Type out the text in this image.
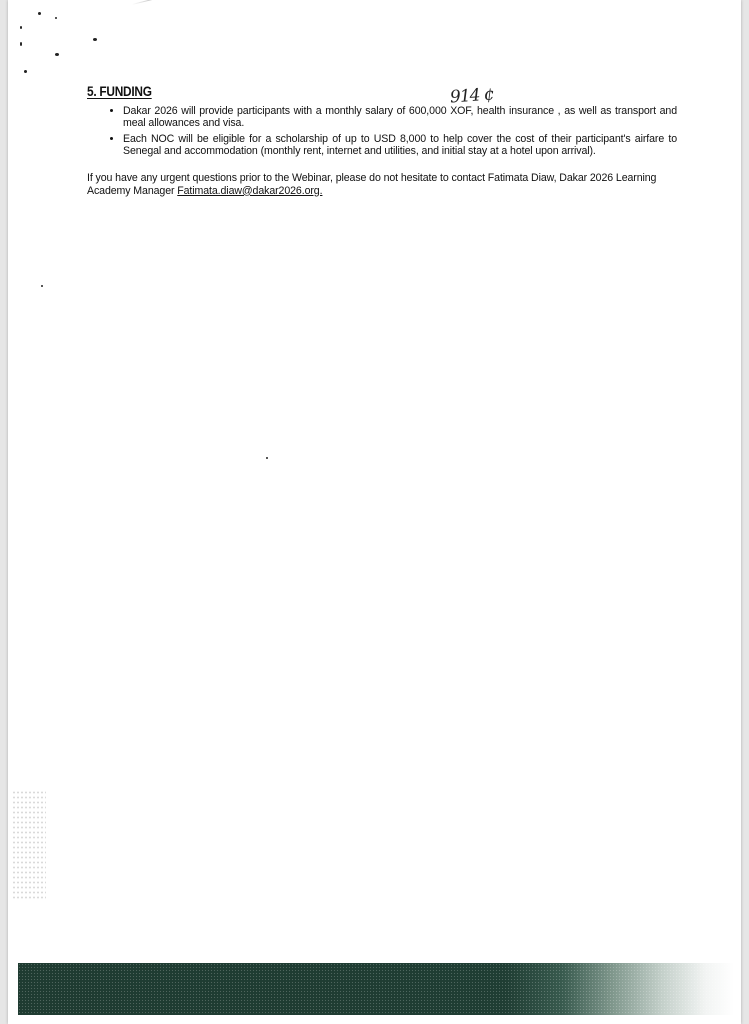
914 ¢
5. FUNDING
• Dakar 2026 will provide participants with a monthly salary of 600,000 XOF, health insurance , as well as transport and meal allowances and visa.
• Each NOC will be eligible for a scholarship of up to USD 8,000 to help cover the cost of their participant's airfare to Senegal and accommodation (monthly rent, internet and utilities, and initial stay at a hotel upon arrival).
If you have any urgent questions prior to the Webinar, please do not hesitate to contact Fatimata Diaw, Dakar 2026 Learning Academy Manager Fatimata.diaw@dakar2026.org.
